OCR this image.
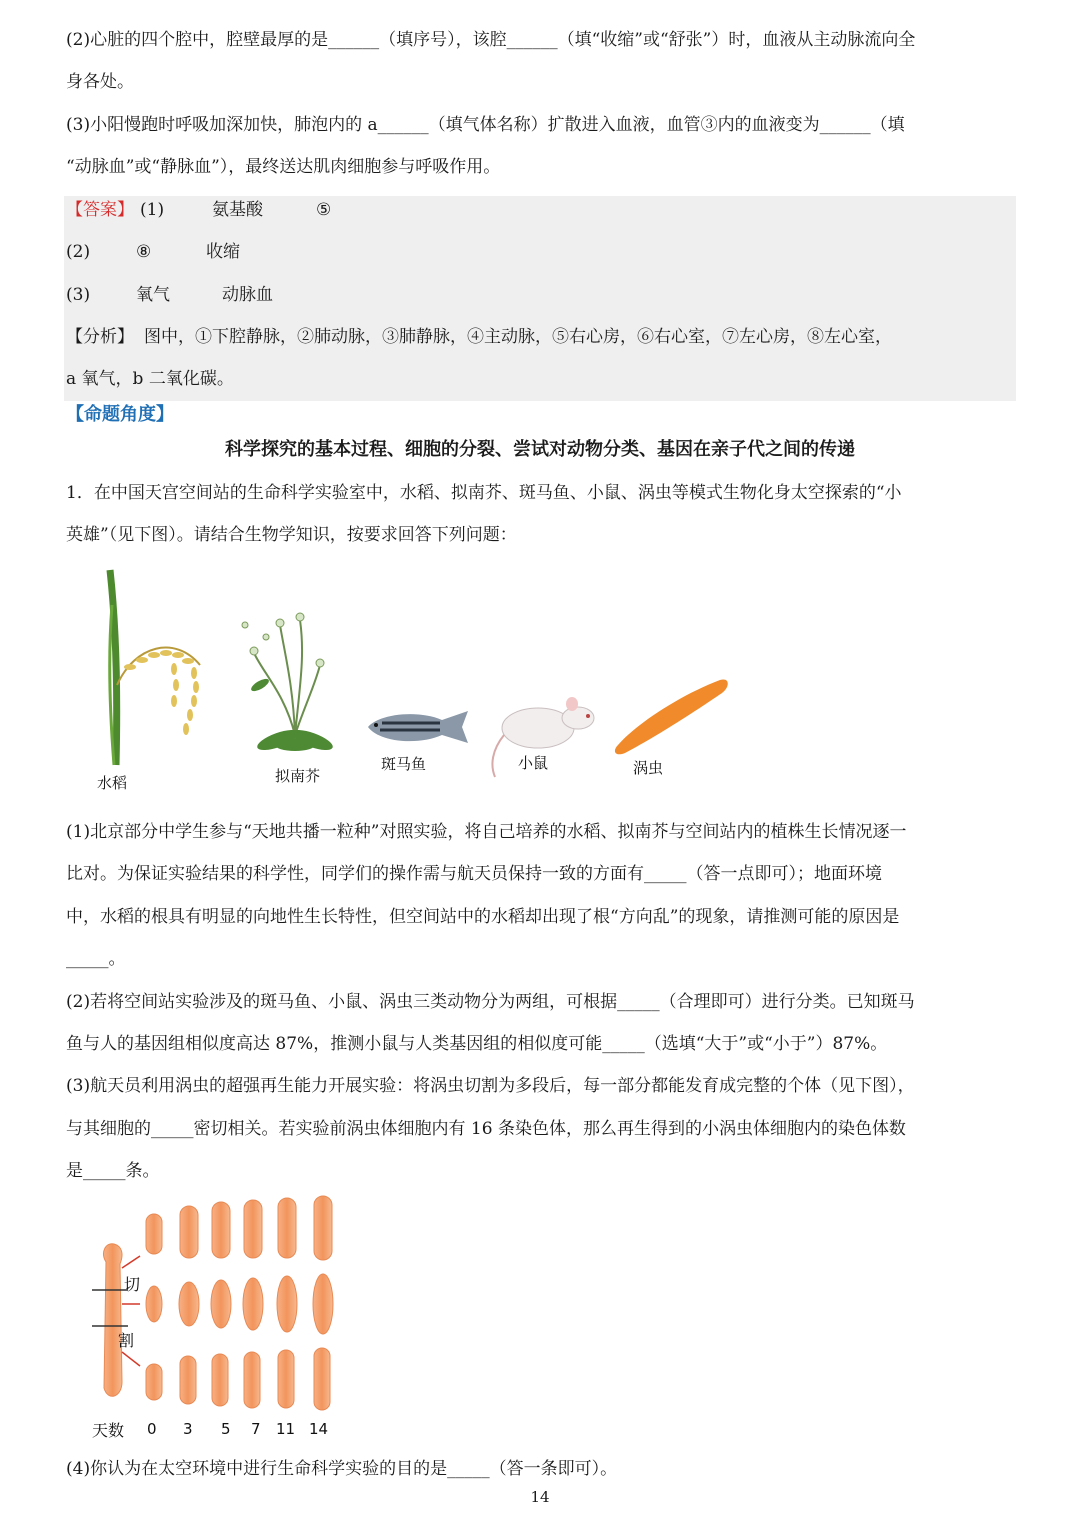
(2)心脏的四个腔中，腔壁最厚的是______（填序号），该腔______（填“收缩”或“舒张”）时，血液从主动脉流向全
身各处。
(3)小阳慢跑时呼吸加深加快，肺泡内的 a______（填气体名称）扩散进入血液，血管③内的血液变为______（填
“动脉血”或“静脉血”），最终送达肌肉细胞参与呼吸作用。
【答案】 (1)	氨基酸	⑤
(2)	⑧	收缩
(3)	氧气	动脉血
【分析】 图中，①下腔静脉，②肺动脉，③肺静脉，④主动脉，⑤右心房，⑥右心室，⑦左心房，⑧左心室，
a 氧气，b 二氧化碳。
【命题角度】
科学探究的基本过程、细胞的分裂、尝试对动物分类、基因在亲子代之间的传递
1．在中国天宫空间站的生命科学实验室中，水稻、拟南芥、斑马鱼、小鼠、涡虫等模式生物化身太空探索的“小
英雄”（见下图）。请结合生物学知识，按要求回答下列问题：
水稻	拟南芥
斑马鱼	小鼠	涡虫
(1)北京部分中学生参与“天地共播一粒种”对照实验，将自己培养的水稻、拟南芥与空间站内的植株生长情况逐一
比对。为保证实验结果的科学性，同学们的操作需与航天员保持一致的方面有_____（答一点即可）；地面环境
中，水稻的根具有明显的向地性生长特性，但空间站中的水稻却出现了根“方向乱”的现象，请推测可能的原因是
_____。
(2)若将空间站实验涉及的斑马鱼、小鼠、涡虫三类动物分为两组，可根据_____（合理即可）进行分类。已知斑马
鱼与人的基因组相似度高达 87%，推测小鼠与人类基因组的相似度可能_____（选填“大于”或“小于”）87%。
(3)航天员利用涡虫的超强再生能力开展实验：将涡虫切割为多段后，每一部分都能发育成完整的个体（见下图），
与其细胞的_____密切相关。若实验前涡虫体细胞内有 16 条染色体，那么再生得到的小涡虫体细胞内的染色体数
是_____条。
切
割
天数 0 3 5 7 11 14
(4)你认为在太空环境中进行生命科学实验的目的是_____（答一条即可）。
14
